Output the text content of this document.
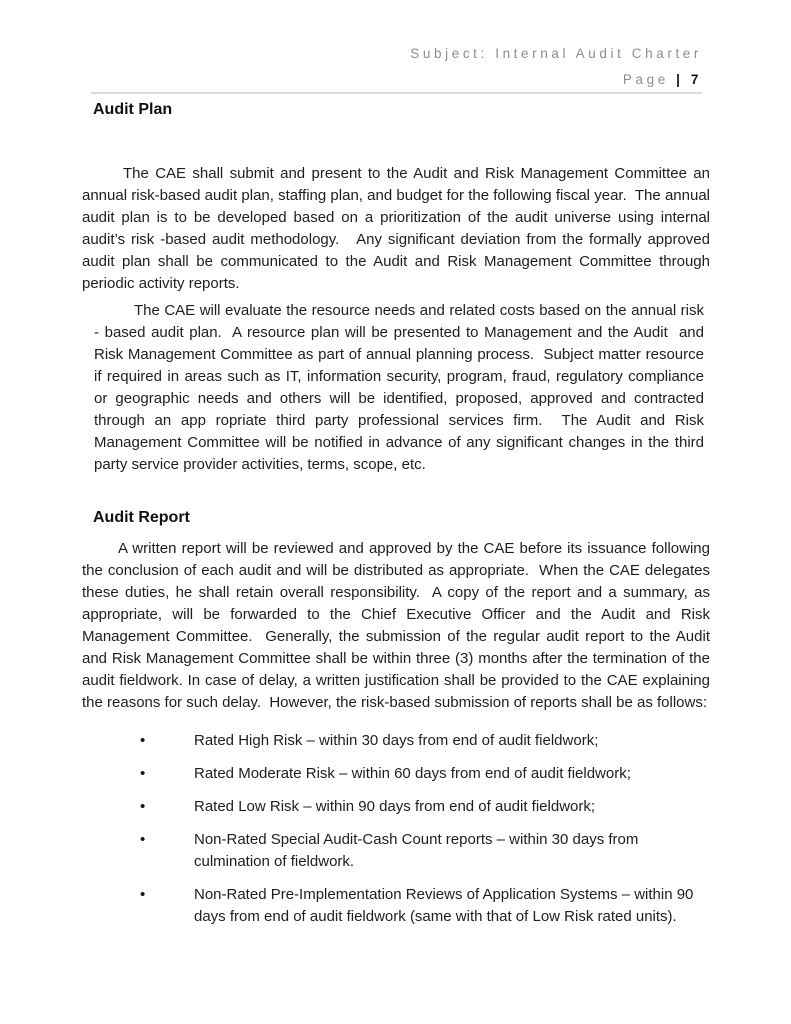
Subject: Internal Audit Charter
Page | 7
Audit Plan

The CAE shall submit and present to the Audit and Risk Management Committee an annual risk-based audit plan, staffing plan, and budget for the following fiscal year.  The annual audit plan is to be developed based on a prioritization of the audit universe using internal audit’s risk -based audit methodology.   Any significant deviation from the formally approved audit plan shall be communicated to the Audit and Risk Management Committee through periodic activity reports.

The CAE will evaluate the resource needs and related costs based on the annual risk - based audit plan.  A resource plan will be presented to Management and the Audit  and Risk Management Committee as part of annual planning process.  Subject matter resource if required in areas such as IT, information security, program, fraud, regulatory compliance or geographic needs and others will be identified, proposed, approved and contracted through an app ropriate third party professional services firm.  The Audit and Risk Management Committee will be notified in advance of any significant changes in the third  party service provider activities, terms, scope, etc.

Audit Report

A written report will be reviewed and approved by the CAE before its issuance following the conclusion of each audit and will be distributed as appropriate.  When the CAE delegates these duties, he shall retain overall responsibility.  A copy of the report and a summary, as appropriate, will be forwarded to the Chief Executive Officer and the Audit and Risk Management Committee.  Generally, the submission of the regular audit report to the Audit and Risk Management Committee shall be within three (3) months after the termination of the audit fieldwork. In case of delay, a written justification shall be provided to the CAE explaining the reasons for such delay.  However, the risk-based submission of reports shall be as follows:

•	Rated High Risk – within 30 days from end of audit fieldwork;
•	Rated Moderate Risk – within 60 days from end of audit fieldwork;
•	Rated Low Risk – within 90 days from end of audit fieldwork;
•	Non-Rated Special Audit-Cash Count reports – within 30 days from culmination of fieldwork.
•	Non-Rated Pre-Implementation Reviews of Application Systems – within 90 days from end of audit fieldwork (same with that of Low Risk rated units).
